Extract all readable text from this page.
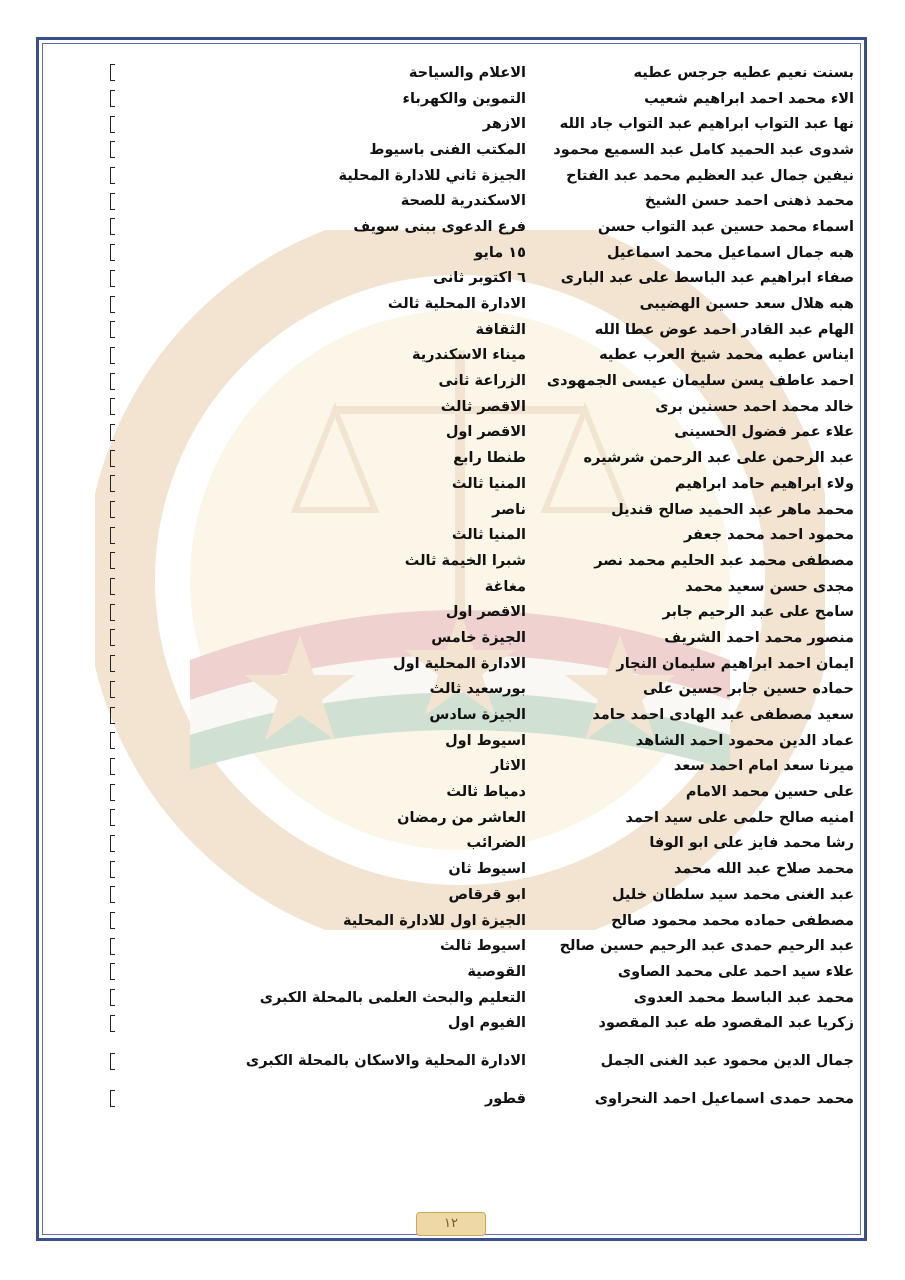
بسنت نعيم عطيه جرجس عطيه	الاعلام والسياحة	
الاء محمد احمد ابراهيم شعيب	التموين والكهرباء	
نها عبد التواب ابراهيم عبد التواب جاد الله	الازهر	
شدوى عبد الحميد كامل عبد السميع محمود	المكتب الفنى باسيوط	
نيفين جمال عبد العظيم محمد عبد الفتاح	الجيزة ثاني للادارة المحلية	
محمد ذهنى احمد حسن الشيخ	الاسكندرية للصحة	
اسماء محمد حسين عبد التواب حسن	فرع الدعوى ببنى سويف	
هبه جمال اسماعيل محمد اسماعيل	١٥ مايو	
صفاء ابراهيم عبد الباسط على عبد البارى	٦ اكتوبر ثانى	
هبه هلال سعد حسين الهضيبى	الادارة المحلية ثالث	
الهام عبد القادر احمد عوض عطا الله	الثقافة	
ايناس عطيه محمد شيخ العرب عطيه	ميناء الاسكندرية	
احمد عاطف يسن سليمان عيسى الجمهودى	الزراعة ثانى	
خالد محمد احمد حسنين برى	الاقصر ثالث	
علاء عمر فضول الحسينى	الاقصر اول	
عبد الرحمن على عبد الرحمن شرشيره	طنطا رابع	
ولاء ابراهيم حامد ابراهيم	المنيا ثالث	
محمد ماهر عبد الحميد صالح قنديل	ناصر	
محمود احمد محمد جعفر	المنيا ثالث	
مصطفى محمد عبد الحليم محمد نصر	شبرا الخيمة ثالث	
مجدى حسن سعيد محمد	مغاغة	
سامح على عبد الرحيم جابر	الاقصر اول	
منصور محمد احمد الشريف	الجيزة خامس	
ايمان احمد ابراهيم سليمان النجار	الادارة المحلية اول	
حماده حسين جابر حسين على	بورسعيد ثالث	
سعيد مصطفى عبد الهادى احمد حامد	الجيزة سادس	
عماد الدين محمود احمد الشاهد	اسيوط اول	
ميرنا سعد امام احمد سعد	الاثار	
على حسين محمد الامام	دمياط ثالث	
امنيه صالح حلمى على سيد احمد	العاشر من رمضان	
رشا محمد فايز على ابو الوفا	الضرائب	
محمد صلاح عبد الله محمد	اسيوط ثان	
عبد الغنى محمد سيد سلطان خليل	ابو قرقاص	
مصطفى حماده محمد محمود صالح	الجيزة اول للادارة المحلية	
عبد الرحيم حمدى عبد الرحيم حسين صالح	اسيوط ثالث	
علاء سيد احمد على محمد الصاوى	القوصية	
محمد عبد الباسط محمد العدوى	التعليم والبحث العلمى بالمحلة الكبرى	
زكريا عبد المقصود طه عبد المقصود	الفيوم اول	
جمال الدين محمود عبد الغنى الجمل	الادارة المحلية والاسكان بالمحلة الكبرى	
محمد حمدى اسماعيل احمد النحراوى	قطور	
١٢
